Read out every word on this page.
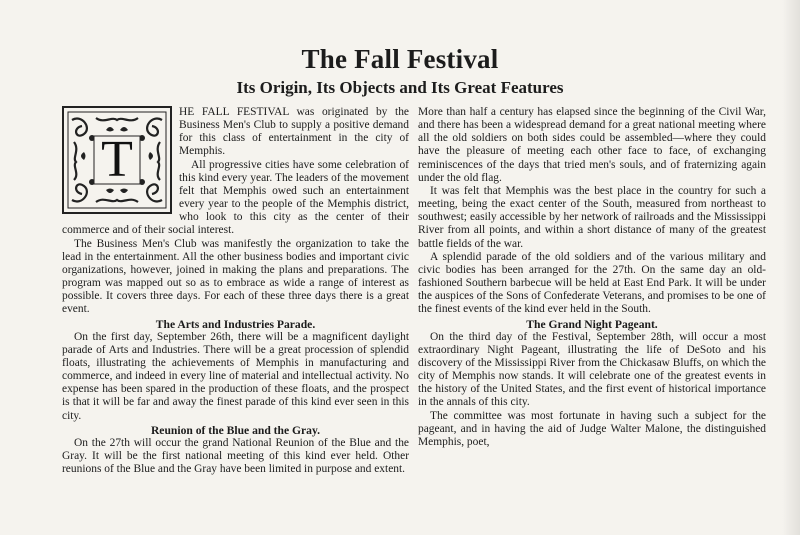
The Fall Festival
Its Origin, Its Objects and Its Great Features
T

HE FALL FESTIVAL was originated by the Business Men's Club to supply a positive demand for this class of entertainment in the city of Memphis.

All progressive cities have some celebration of this kind every year. The leaders of the movement felt that Memphis owed such an entertainment every year to the people of the Memphis district, who look to this city as the center of their commerce and of their social interest.

The Business Men's Club was manifestly the organization to take the lead in the entertainment. All the other business bodies and important civic organizations, however, joined in making the plans and preparations. The program was mapped out so as to embrace as wide a range of interest as possible. It covers three days. For each of these three days there is a great event.

The Arts and Industries Parade.

On the first day, September 26th, there will be a magnificent daylight parade of Arts and Industries. There will be a great procession of splendid floats, illustrating the achievements of Memphis in manufacturing and commerce, and indeed in every line of material and intellectual activity. No expense has been spared in the production of these floats, and the prospect is that it will be far and away the finest parade of this kind ever seen in this city.

Reunion of the Blue and the Gray.

On the 27th will occur the grand National Reunion of the Blue and the Gray. It will be the first national meeting of this kind ever held. Other reunions of the Blue and the Gray have been limited in purpose and extent.

More than half a century has elapsed since the beginning of the Civil War, and there has been a widespread demand for a great national meeting where all the old soldiers on both sides could be assembled—where they could have the pleasure of meeting each other face to face, of exchanging reminiscences of the days that tried men's souls, and of fraternizing again under the old flag.

It was felt that Memphis was the best place in the country for such a meeting, being the exact center of the South, measured from northeast to southwest; easily accessible by her network of railroads and the Mississippi River from all points, and within a short distance of many of the greatest battle fields of the war.

A splendid parade of the old soldiers and of the various military and civic bodies has been arranged for the 27th. On the same day an old-fashioned Southern barbecue will be held at East End Park. It will be under the auspices of the Sons of Confederate Veterans, and promises to be one of the finest events of the kind ever held in the South.

The Grand Night Pageant.

On the third day of the Festival, September 28th, will occur a most extraordinary Night Pageant, illustrating the life of DeSoto and his discovery of the Mississippi River from the Chickasaw Bluffs, on which the city of Memphis now stands. It will celebrate one of the greatest events in the history of the United States, and the first event of historical importance in the annals of this city.

The committee was most fortunate in having such a subject for the pageant, and in having the aid of Judge Walter Malone, the distinguished Memphis, poet,
